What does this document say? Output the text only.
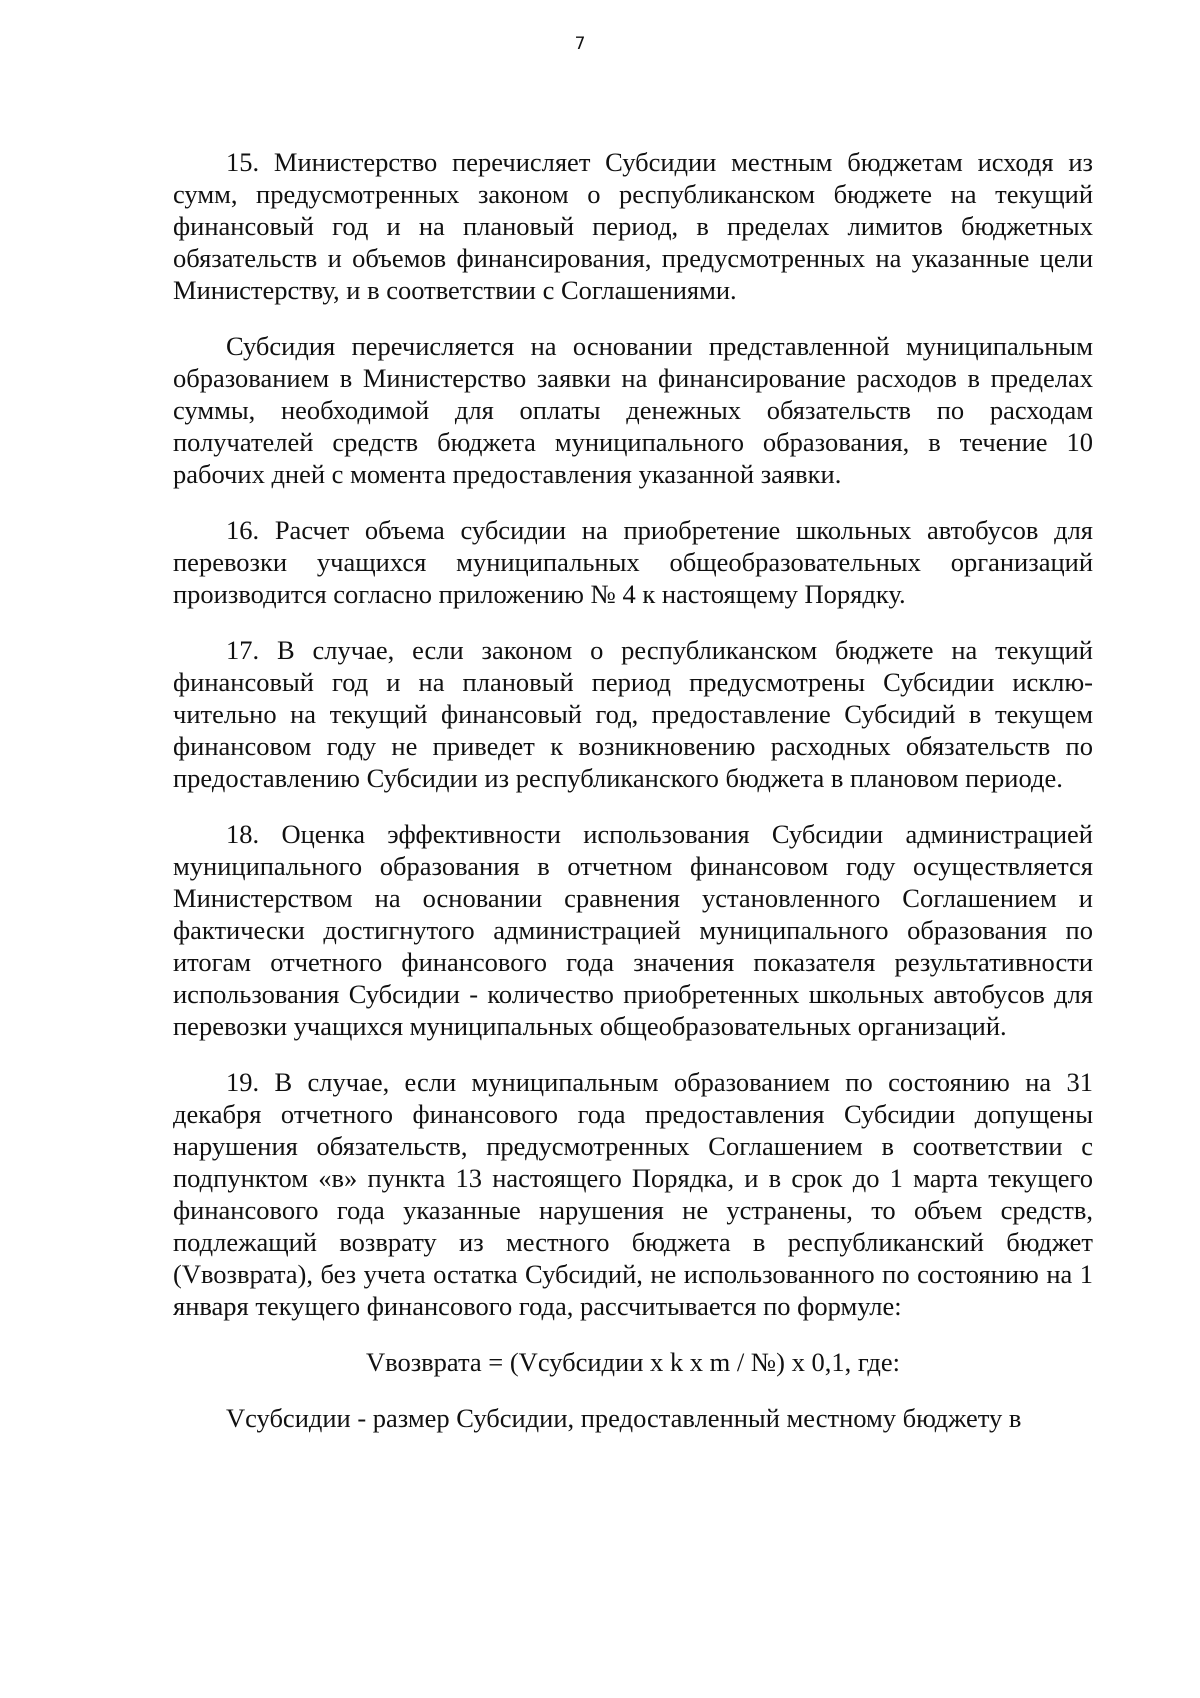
7

15. Министерство перечисляет Субсидии местным бюджетам исходя из сумм, предусмотренных законом о республиканском бюджете на текущий финансовый год и на плановый период, в пределах лимитов бюджетных обязательств и объемов финансирования, предусмотренных на указанные цели Министерству, и в соответствии с Соглашениями.

Субсидия перечисляется на основании представленной муниципальным образованием в Министерство заявки на финансирование расходов в пределах суммы, необходимой для оплаты денежных обязательств по расходам получателей средств бюджета муниципального образования, в течение 10 рабочих дней с момента предоставления указанной заявки.

16. Расчет объема субсидии на приобретение школьных автобусов для перевозки учащихся муниципальных общеобразовательных организаций производится согласно приложению № 4 к настоящему Порядку.

17. В случае, если законом о республиканском бюджете на текущий финансовый год и на плановый период предусмотрены Субсидии исключительно на текущий финансовый год, предоставление Субсидий в текущем финансовом году не приведет к возникновению расходных обязательств по предоставлению Субсидии из республиканского бюджета в плановом периоде.

18. Оценка эффективности использования Субсидии администрацией муниципального образования в отчетном финансовом году осуществляется Министерством на основании сравнения установленного Соглашением и фактически достигнутого администрацией муниципального образования по итогам отчетного финансового года значения показателя результативности использования Субсидии - количество приобретенных школьных автобусов для перевозки учащихся муниципальных общеобразовательных организаций.

19. В случае, если муниципальным образованием по состоянию на 31 декабря отчетного финансового года предоставления Субсидии допущены нарушения обязательств, предусмотренных Соглашением в соответствии с подпунктом «в» пункта 13 настоящего Порядка, и в срок до 1 марта текущего финансового года указанные нарушения не устранены, то объем средств, подлежащий возврату из местного бюджета в республиканский бюджет (Vвозврата), без учета остатка Субсидий, не использованного по состоянию на 1 января текущего финансового года, рассчитывается по формуле:

Vвозврата = (Vсубсидии x k x m / №) x 0,1, где:

Vсубсидии - размер Субсидии, предоставленный местному бюджету в
